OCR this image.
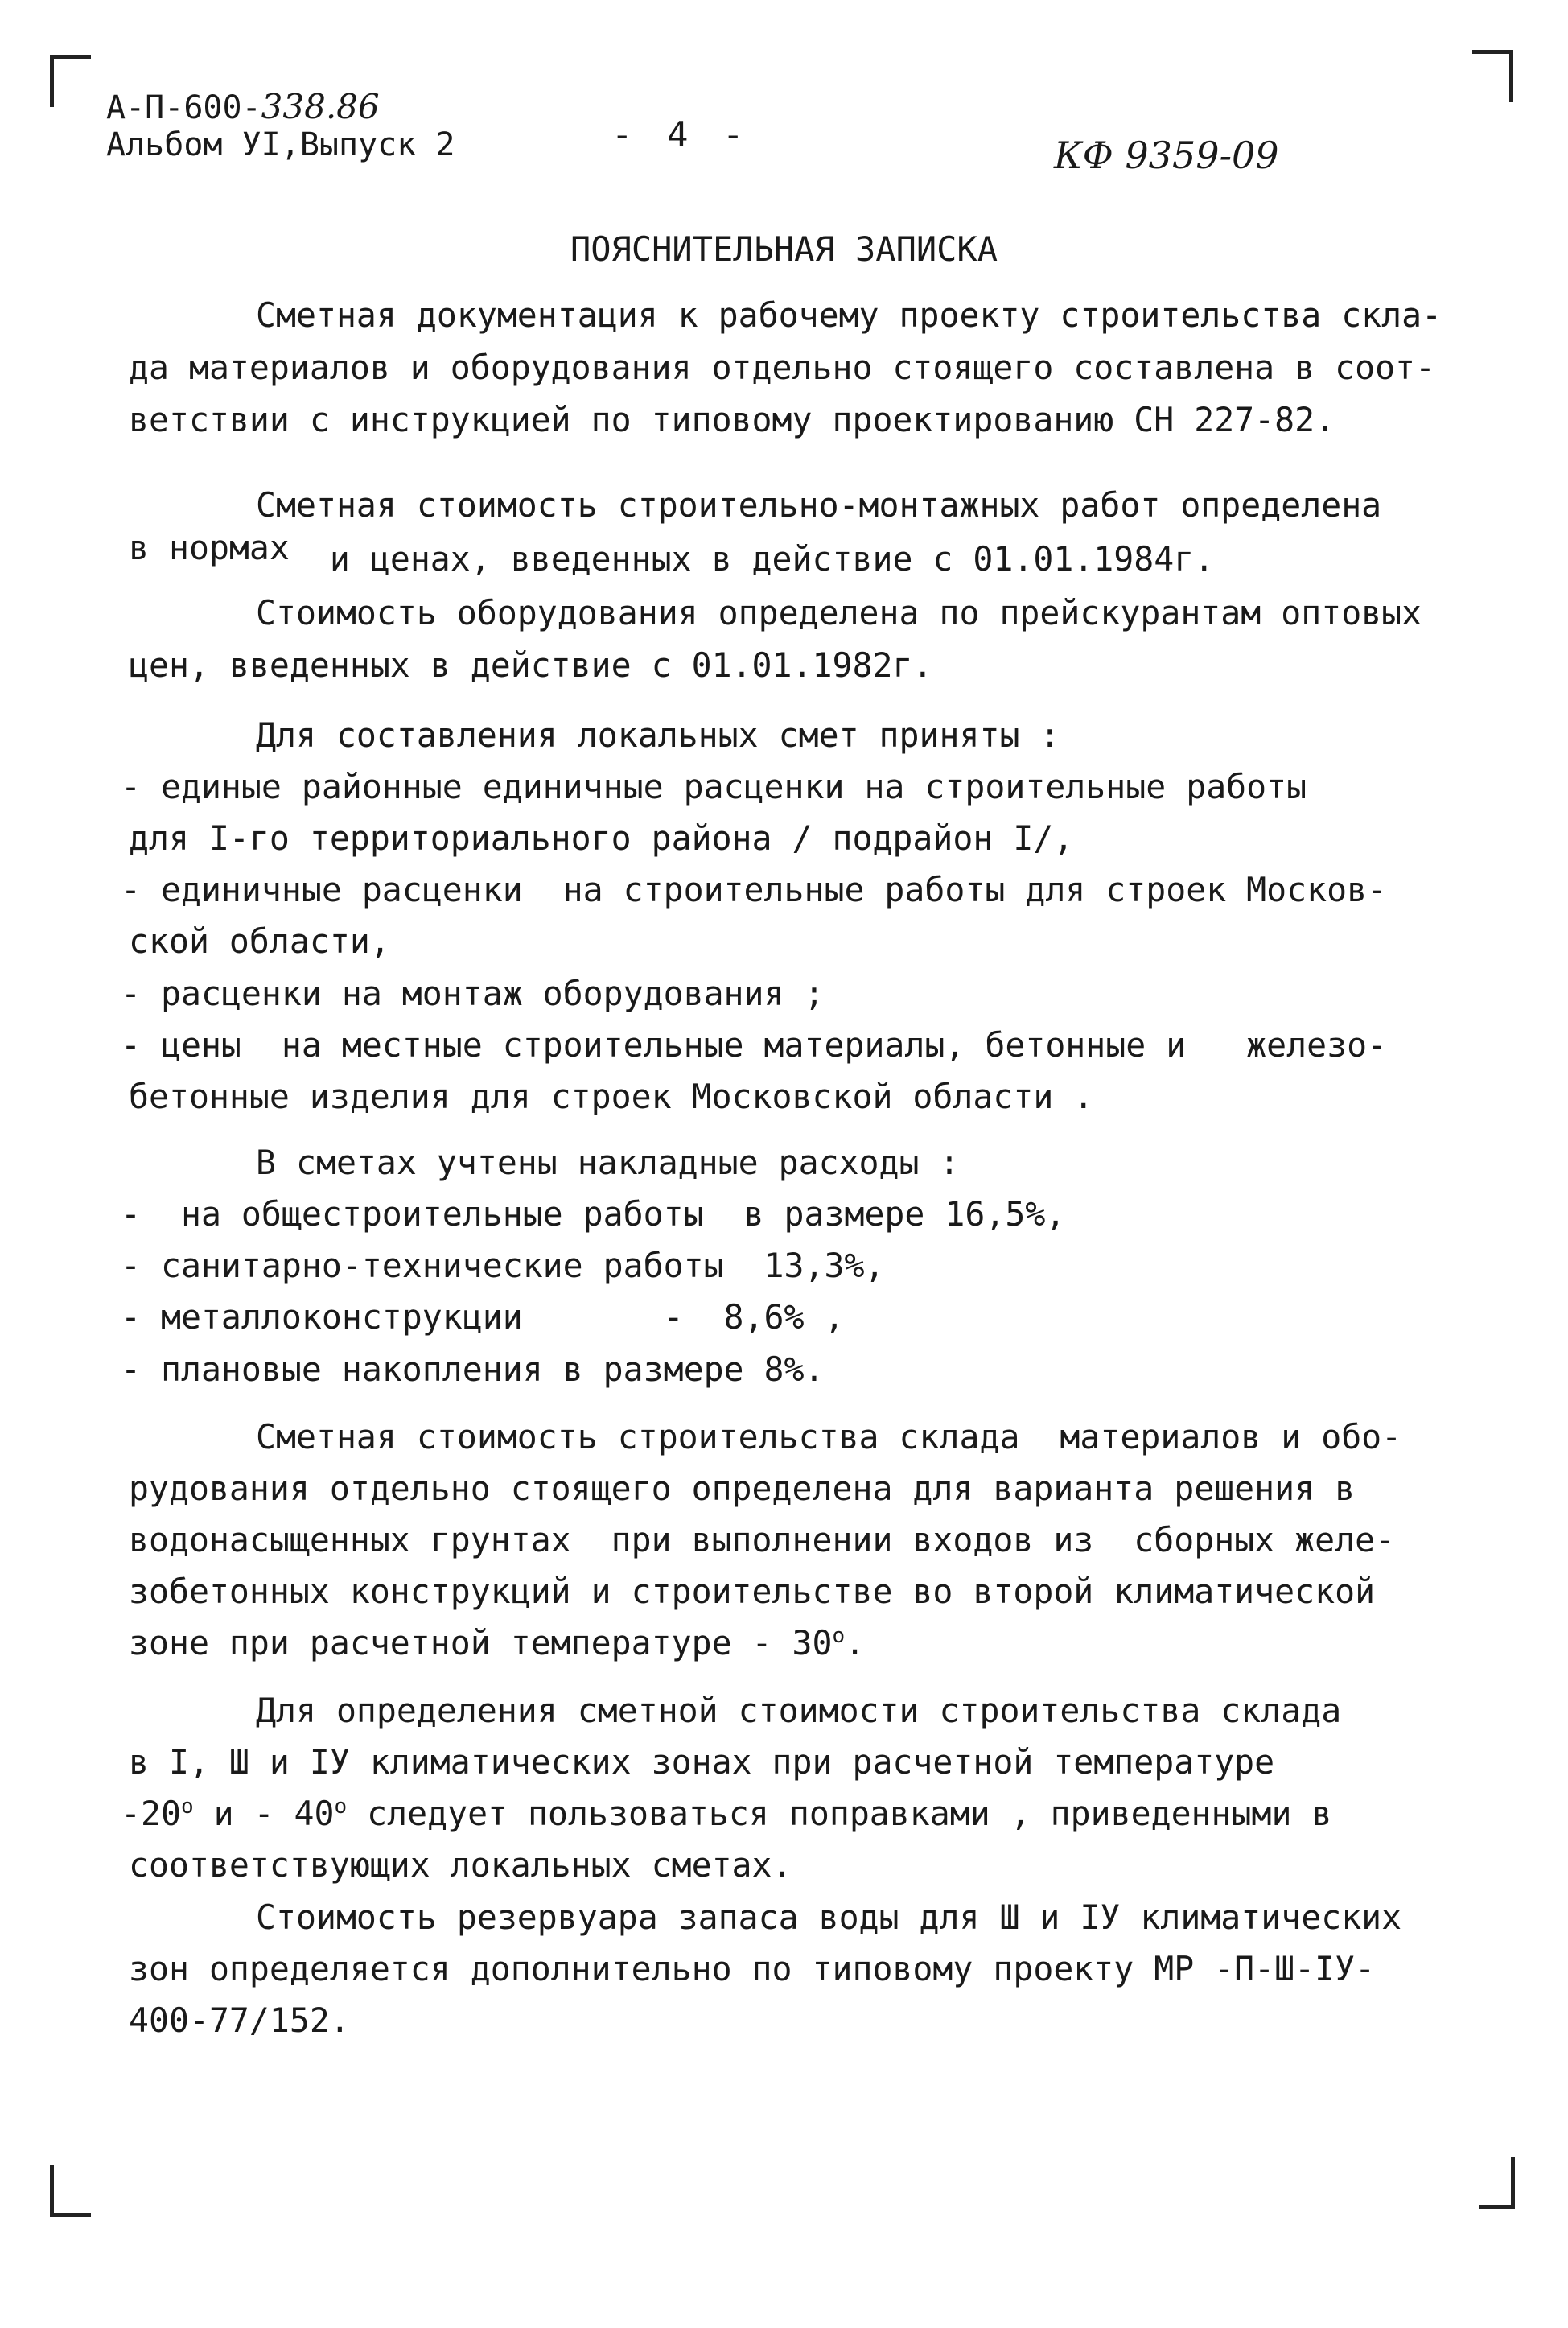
А-П-600-338.86
Альбом УI,Выпуск 2	- 4 -	КФ 9359-09
ПОЯСНИТЕЛЬНАЯ ЗАПИСКА
Сметная документация к рабочему проекту строительства скла-
да материалов и оборудования отдельно стоящего составлена в соот-
ветствии с инструкцией по типовому проектированию СН 227-82.
Сметная стоимость строительно-монтажных работ определена
в нормах и ценах, введенных в действие с 01.01.1984г.
Стоимость оборудования определена по прейскурантам оптовых
цен, введенных в действие с 01.01.1982г.
Для составления локальных смет приняты :
- единые районные единичные расценки на строительные работы
для I-го территориального района / подрайон I/,
- единичные расценки  на строительные работы для строек Москов-
ской области,
- расценки на монтаж оборудования ;
- цены  на местные строительные материалы, бетонные и   железо-
бетонные изделия для строек Московской области .
В сметах учтены накладные расходы :
-  на общестроительные работы  в размере 16,5%,
- санитарно-технические работы  13,3%,
- металлоконструкции       -  8,6% ,
- плановые накопления в размере 8%.
Сметная стоимость строительства склада  материалов и обо-
рудования отдельно стоящего определена для варианта решения в
водонасыщенных грунтах  при выполнении входов из  сборных желе-
зобетонных конструкций и строительстве во второй климатической
зоне при расчетной температуре - $30^о$.
Для определения сметной стоимости строительства склада
в I, Ш и IУ климатических зонах при расчетной температуре
$-20^о$ и - $40^о$ следует пользоваться поправками , приведенными в
соответствующих локальных сметах.
Стоимость резервуара запаса воды для Ш и IУ климатических
зон определяется дополнительно по типовому проекту МР -П-Ш-IУ-
400-77/152.
